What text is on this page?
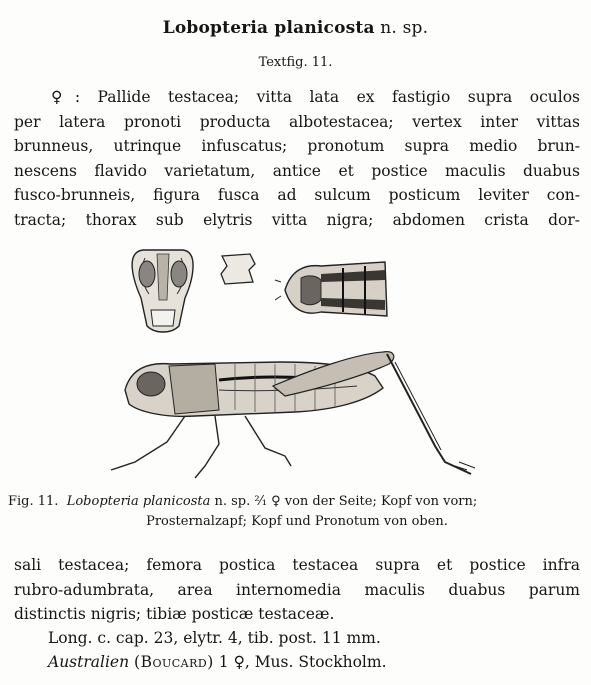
Lobopteria planicosta n. sp.
Textfig. 11.
♀: Pallide testacea; vitta lata ex fastigio supra oculos
per latera pronoti producta albotestacea; vertex inter vittas
brunneus, utrinque infuscatus; pronotum supra medio brun-
nescens flavido varietatum, antice et postice maculis duabus
fusco-brunneis, figura fusca ad sulcum posticum leviter con-
tracta; thorax sub elytris vitta nigra; abdomen crista dor-
Fig. 11. Lobopteria planicosta n. sp. ²⁄₁ ♀ von der Seite; Kopf von vorn;
Prosternalzapf; Kopf und Pronotum von oben.
sali testacea; femora postica testacea supra et postice infra
rubro-adumbrata, area internomedia maculis duabus parum
distinctis nigris; tibiæ posticæ testaceæ.
Long. c. cap. 23, elytr. 4, tib. post. 11 mm.
Australien (Boucard) 1 ♀, Mus. Stockholm.
